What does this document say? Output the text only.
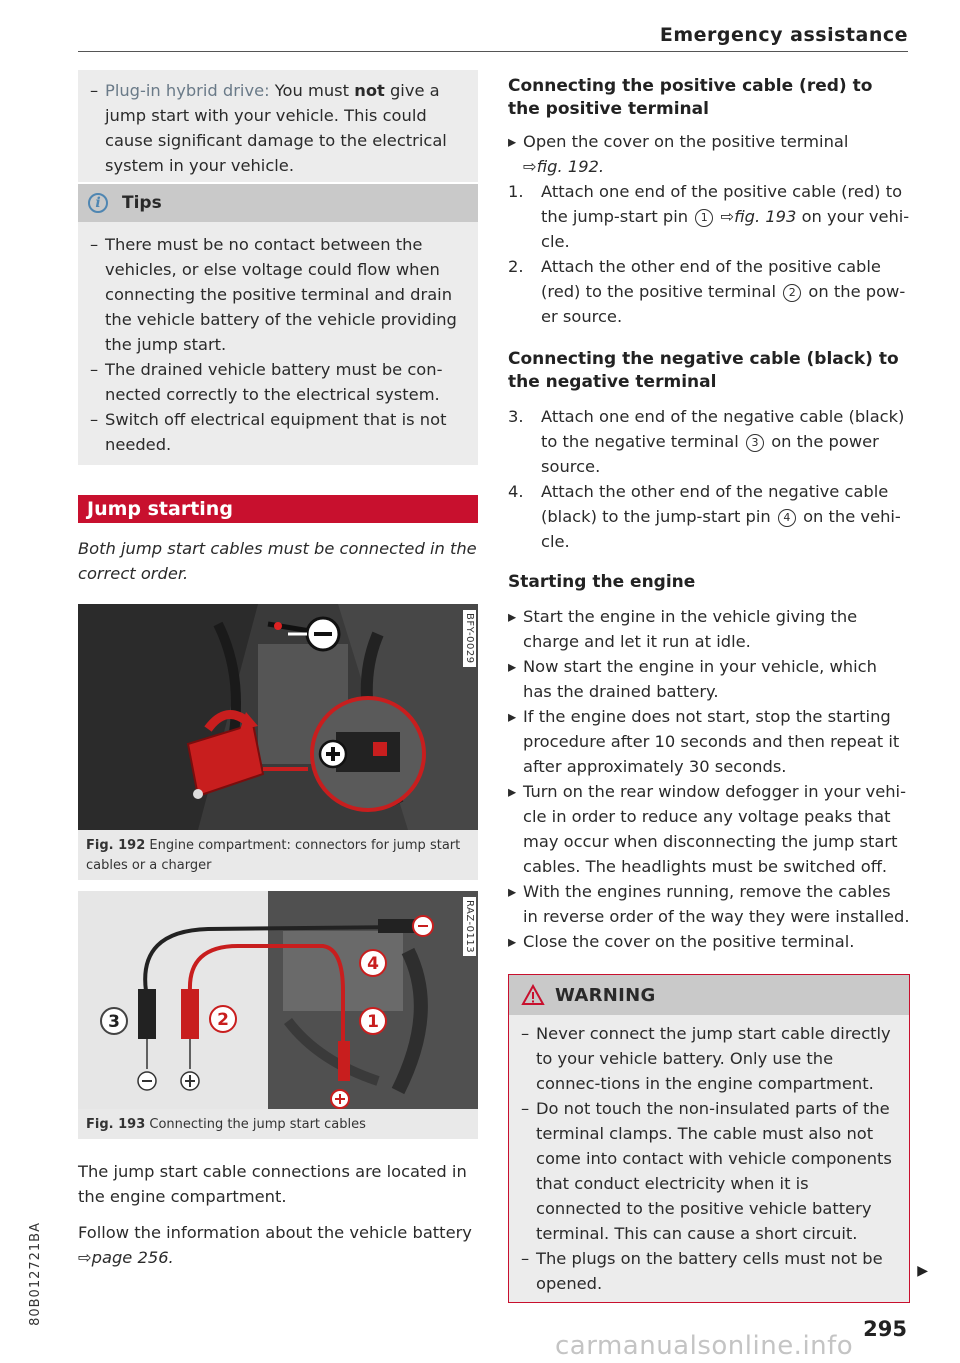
Emergency assistance

– Plug-in hybrid drive: You must not give a jump start with your vehicle. This could cause significant damage to the electrical system in your vehicle.

i	Tips

– There must be no contact between the vehicles, or else voltage could flow when connecting the positive terminal and drain the vehicle battery of the vehicle providing the jump start.

– The drained vehicle battery must be con-nected correctly to the electrical system.

– Switch off electrical equipment that is not needed.

Jump starting

Both jump start cables must be connected in the correct order.

BFY-0029
Fig. 192 Engine compartment: connectors for jump start cables or a charger
3	2	1
4
RAZ-0113
Fig. 193 Connecting the jump start cables

The jump start cable connections are located in the engine compartment.

Follow the information about the vehicle battery
⇨page 256.

Connecting the positive cable (red) to the positive terminal

▸ Open the cover on the positive terminal
⇨fig. 192.

1. Attach one end of the positive cable (red) to the jump-start pin 1 ⇨fig. 193 on your vehi-cle.

2. Attach the other end of the positive cable (red) to the positive terminal 2 on the pow-er source.

Connecting the negative cable (black) to the negative terminal

3. Attach one end of the negative cable (black) to the negative terminal 3 on the power source.

4. Attach the other end of the negative cable (black) to the jump-start pin 4 on the vehi-cle.

Starting the engine

▸ Start the engine in the vehicle giving the charge and let it run at idle.

▸ Now start the engine in your vehicle, which has the drained battery.

▸ If the engine does not start, stop the starting procedure after 10 seconds and then repeat it after approximately 30 seconds.

▸ Turn on the rear window defogger in your vehi-cle in order to reduce any voltage peaks that may occur when disconnecting the jump start cables. The headlights must be switched off.

▸ With the engines running, remove the cables in reverse order of the way they were installed.

▸ Close the cover on the positive terminal.

WARNING

– Never connect the jump start cable directly to your vehicle battery. Only use the connec-tions in the engine compartment.

– Do not touch the non-insulated parts of the terminal clamps. The cable must also not come into contact with vehicle components that conduct electricity when it is connected to the positive vehicle battery terminal. This can cause a short circuit.

– The plugs on the battery cells must not be opened.

▶
295
80B012721BA
carmanualsonline.info
